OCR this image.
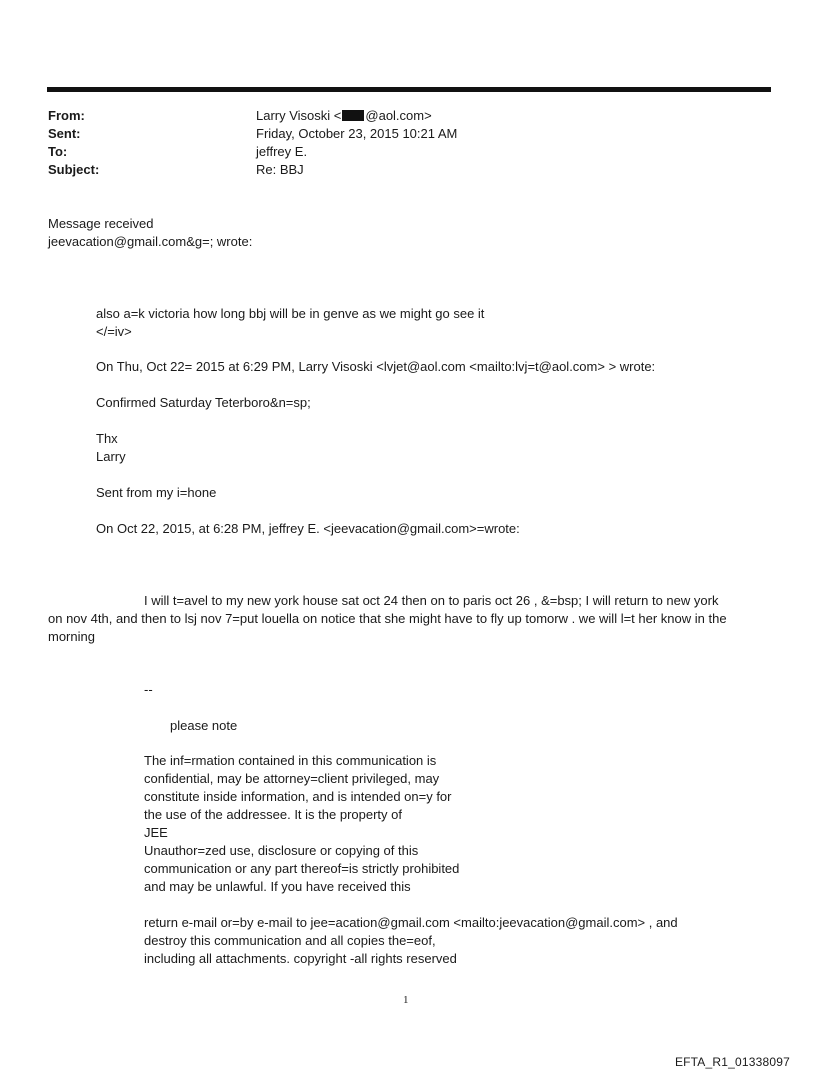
From:	Larry Visoski < @aol.com>
Sent:	Friday, October 23, 2015 10:21 AM
To:	jeffrey E.
Subject:	Re: BBJ
Message received
jeevacation@gmail.com&g=; wrote:
also a=k victoria how long bbj will be in genve as we might go see it
</=iv>
On Thu, Oct 22= 2015 at 6:29 PM, Larry Visoski <lvjet@aol.com <mailto:lvj=t@aol.com> > wrote:
Confirmed Saturday Teterboro&n=sp;
Thx
Larry
Sent from my i=hone
On Oct 22, 2015, at 6:28 PM, jeffrey E. <jeevacation@gmail.com>=wrote:
I will t=avel to my new york house sat oct 24 then on to paris oct 26 , &=bsp; I will return to new york
on nov 4th, and then to lsj nov 7=put louella on notice that she might have to fly up tomorw . we will l=t her know in the
morning
--
please note
The inf=rmation contained in this communication is
confidential, may be attorney=client privileged, may
constitute inside information, and is intended on=y for
the use of the addressee. It is the property of
JEE
Unauthor=zed use, disclosure or copying of this
communication or any part thereof=is strictly prohibited
and may be unlawful. If you have received this
return e-mail or=by e-mail to jee=acation@gmail.com <mailto:jeevacation@gmail.com> , and
destroy this communication and all copies the=eof,
including all attachments. copyright -all rights reserved
1
EFTA_R1_01338097
